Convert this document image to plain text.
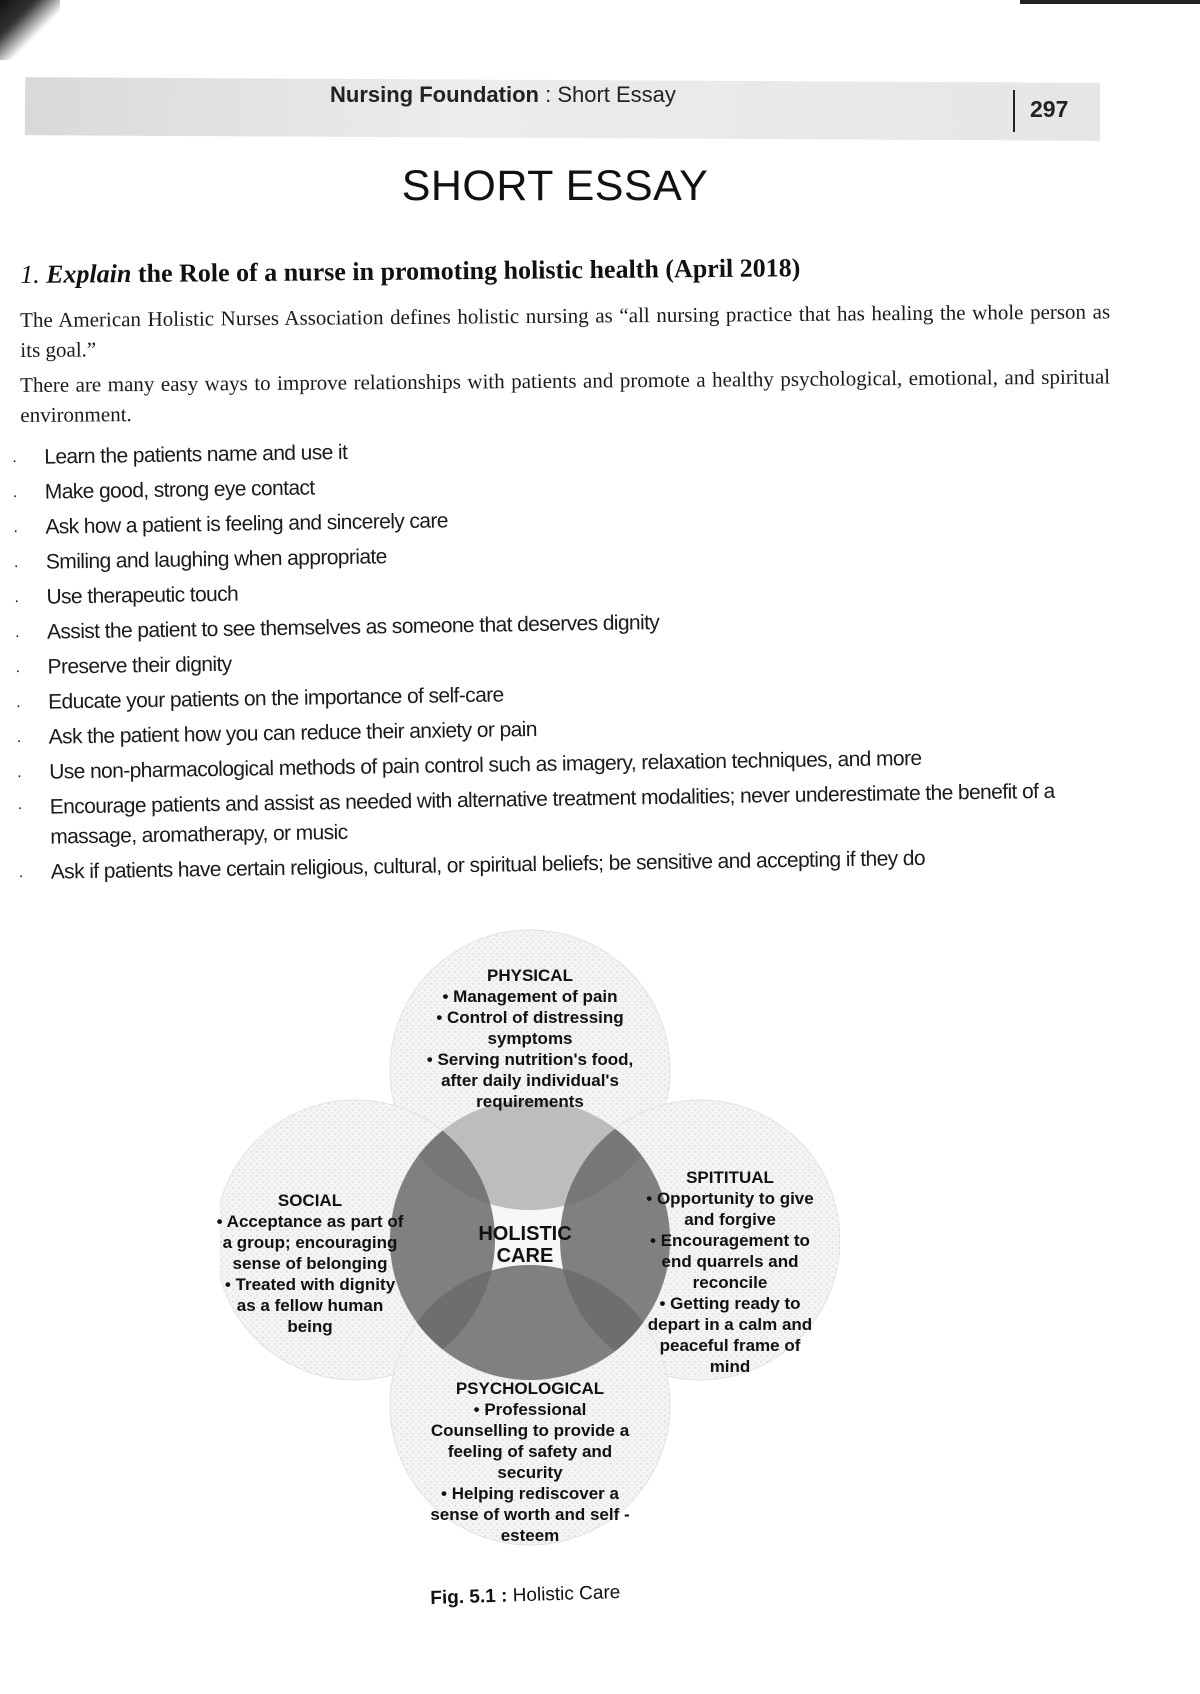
Nursing Foundation : Short Essay
297
SHORT ESSAY
1. Explain the Role of a nurse in promoting holistic health (April 2018)
The American Holistic Nurses Association defines holistic nursing as “all nursing practice that has healing the whole person as its goal.”
There are many easy ways to improve relationships with patients and promote a healthy psychological, emotional, and spiritual environment.
. Learn the patients name and use it
. Make good, strong eye contact
. Ask how a patient is feeling and sincerely care
. Smiling and laughing when appropriate
. Use therapeutic touch
. Assist the patient to see themselves as someone that deserves dignity
. Preserve their dignity
. Educate your patients on the importance of self-care
. Ask the patient how you can reduce their anxiety or pain
. Use non-pharmacological methods of pain control such as imagery, relaxation techniques, and more
. Encourage patients and assist as needed with alternative treatment modalities; never underestimate the benefit of a massage, aromatherapy, or music
. Ask if patients have certain religious, cultural, or spiritual beliefs; be sensitive and accepting if they do
HOLISTIC CARE
PHYSICAL
• Management of pain
• Control of distressing symptoms
• Serving nutrition's food, after daily individual's requirements
SOCIAL
• Acceptance as part of a group; encouraging sense of belonging
• Treated with dignity as a fellow human being
SPITITUAL
• Opportunity to give and forgive
• Encouragement to end quarrels and reconcile
• Getting ready to depart in a calm and peaceful frame of mind
PSYCHOLOGICAL
• Professional Counselling to provide a feeling of safety and security
• Helping rediscover a sense of worth and self - esteem
Fig. 5.1 : Holistic Care
